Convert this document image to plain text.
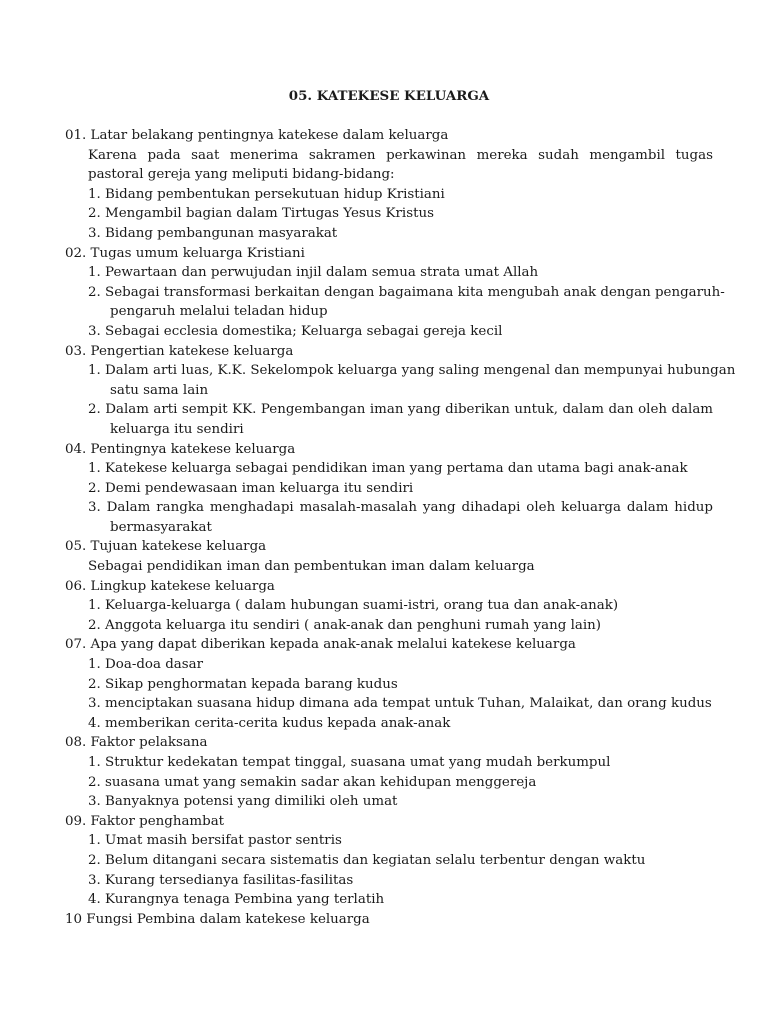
05. KATEKESE KELUARGA
01. Latar belakang pentingnya katekese dalam keluarga
Karena pada saat menerima sakramen perkawinan mereka sudah mengambil tugas pastoral gereja yang meliputi bidang-bidang:
1. Bidang pembentukan persekutuan hidup Kristiani
2. Mengambil bagian dalam Tirtugas Yesus Kristus
3. Bidang pembangunan masyarakat
02. Tugas umum keluarga Kristiani
1. Pewartaan dan perwujudan injil dalam semua strata umat Allah
2. Sebagai transformasi berkaitan dengan bagaimana kita mengubah anak dengan pengaruh-
pengaruh melalui teladan hidup
3. Sebagai ecclesia domestika; Keluarga sebagai gereja kecil
03. Pengertian katekese keluarga
1. Dalam arti luas, K.K. Sekelompok keluarga yang saling mengenal dan mempunyai hubungan
satu sama lain
2. Dalam arti sempit KK. Pengembangan iman yang diberikan untuk, dalam dan oleh dalam
keluarga itu sendiri
04. Pentingnya katekese keluarga
1. Katekese keluarga sebagai pendidikan iman yang pertama dan utama bagi anak-anak
2. Demi pendewasaan iman keluarga itu sendiri
3. Dalam rangka menghadapi masalah-masalah yang dihadapi oleh keluarga dalam hidup
bermasyarakat
05. Tujuan katekese keluarga
Sebagai pendidikan iman dan pembentukan iman dalam keluarga
06. Lingkup katekese keluarga
1. Keluarga-keluarga ( dalam hubungan suami-istri, orang tua dan anak-anak)
2. Anggota keluarga itu sendiri ( anak-anak dan penghuni rumah yang lain)
07. Apa yang dapat diberikan kepada anak-anak melalui katekese keluarga
1. Doa-doa dasar
2. Sikap penghormatan kepada barang kudus
3. menciptakan suasana hidup dimana ada tempat untuk Tuhan, Malaikat, dan orang kudus
4. memberikan cerita-cerita kudus kepada anak-anak
08. Faktor pelaksana
1. Struktur kedekatan tempat tinggal, suasana umat yang mudah berkumpul
2. suasana umat yang semakin sadar akan kehidupan menggereja
3. Banyaknya potensi yang dimiliki oleh umat
09. Faktor penghambat
1. Umat masih bersifat pastor sentris
2. Belum ditangani secara sistematis dan kegiatan selalu terbentur dengan waktu
3. Kurang tersedianya fasilitas-fasilitas
4. Kurangnya tenaga Pembina yang terlatih
10 Fungsi Pembina dalam katekese keluarga
